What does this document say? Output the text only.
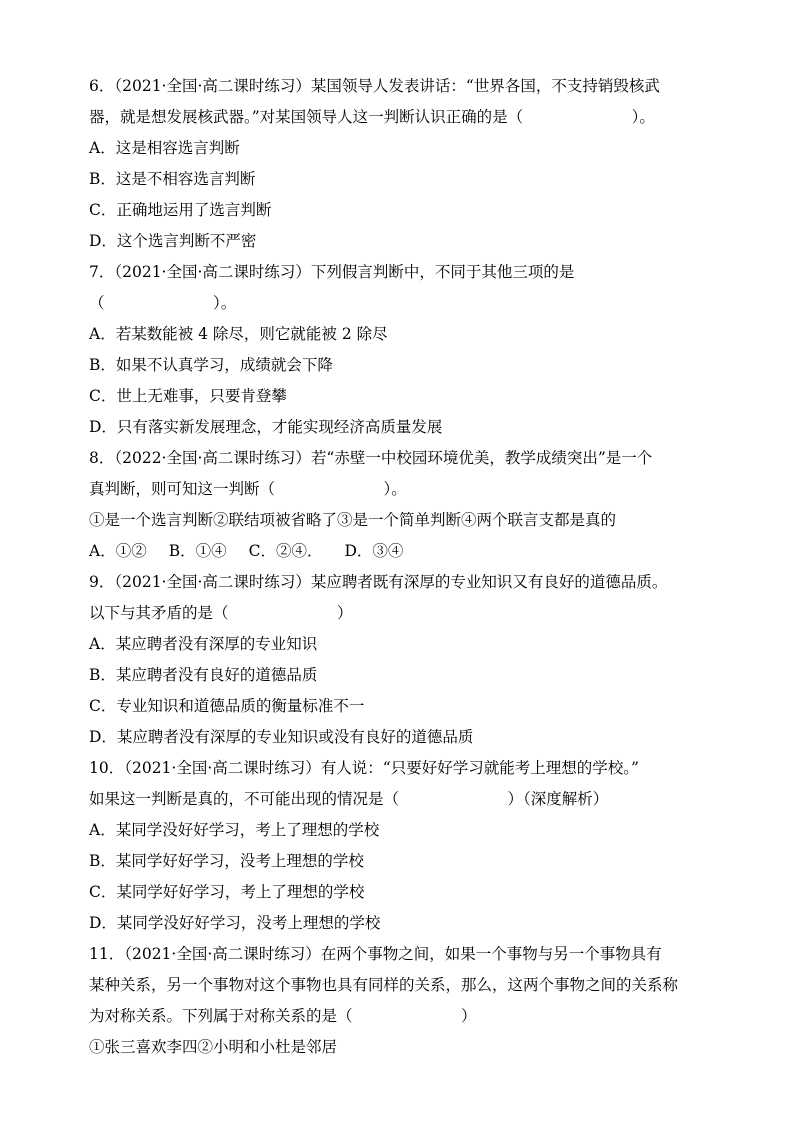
6．（2021·全国·高二课时练习）某国领导人发表讲话：“世界各国，不支持销毁核武
器，就是想发展核武器。”对某国领导人这一判断认识正确的是（　　　　　　　）。
A．这是相容选言判断
B．这是不相容选言判断
C．正确地运用了选言判断
D．这个选言判断不严密
7．（2021·全国·高二课时练习）下列假言判断中，不同于其他三项的是
（　　　　　　　）。
A．若某数能被 4 除尽，则它就能被 2 除尽
B．如果不认真学习，成绩就会下降
C．世上无难事，只要肯登攀
D．只有落实新发展理念，才能实现经济高质量发展
8．（2022·全国·高二课时练习）若“赤壁一中校园环境优美，教学成绩突出”是一个
真判断，则可知这一判断（　　　　　　　）。
①是一个选言判断②联结项被省略了③是一个简单判断④两个联言支都是真的
A．①② B．①④ C．②④． D．③④
9．（2021·全国·高二课时练习）某应聘者既有深厚的专业知识又有良好的道德品质。
以下与其矛盾的是（　　　　　　　）
A．某应聘者没有深厚的专业知识
B．某应聘者没有良好的道德品质
C．专业知识和道德品质的衡量标准不一
D．某应聘者没有深厚的专业知识或没有良好的道德品质
10．（2021·全国·高二课时练习）有人说：“只要好好学习就能考上理想的学校。”
如果这一判断是真的，不可能出现的情况是（　　　　　　　）（深度解析）
A．某同学没好好学习，考上了理想的学校
B．某同学好好学习，没考上理想的学校
C．某同学好好学习，考上了理想的学校
D．某同学没好好学习，没考上理想的学校
11．（2021·全国·高二课时练习）在两个事物之间，如果一个事物与另一个事物具有
某种关系，另一个事物对这个事物也具有同样的关系，那么，这两个事物之间的关系称
为对称关系。下列属于对称关系的是（　　　　　　　）
①张三喜欢李四②小明和小杜是邻居
